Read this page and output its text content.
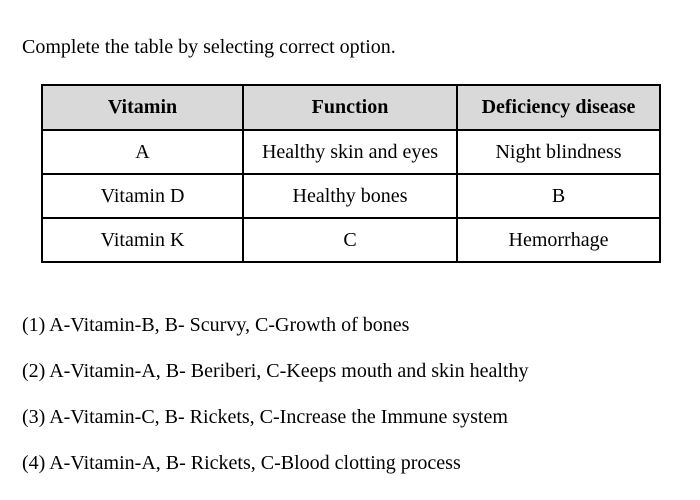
Complete the table by selecting correct option.
Vitamin	Function	Deficiency disease
A	Healthy skin and eyes	Night blindness
Vitamin D	Healthy bones	B
Vitamin K	C	Hemorrhage
(1) A-Vitamin-B, B- Scurvy, C-Growth of bones
(2) A-Vitamin-A, B- Beriberi, C-Keeps mouth and skin healthy
(3) A-Vitamin-C, B- Rickets, C-Increase the Immune system
(4) A-Vitamin-A, B- Rickets, C-Blood clotting process
